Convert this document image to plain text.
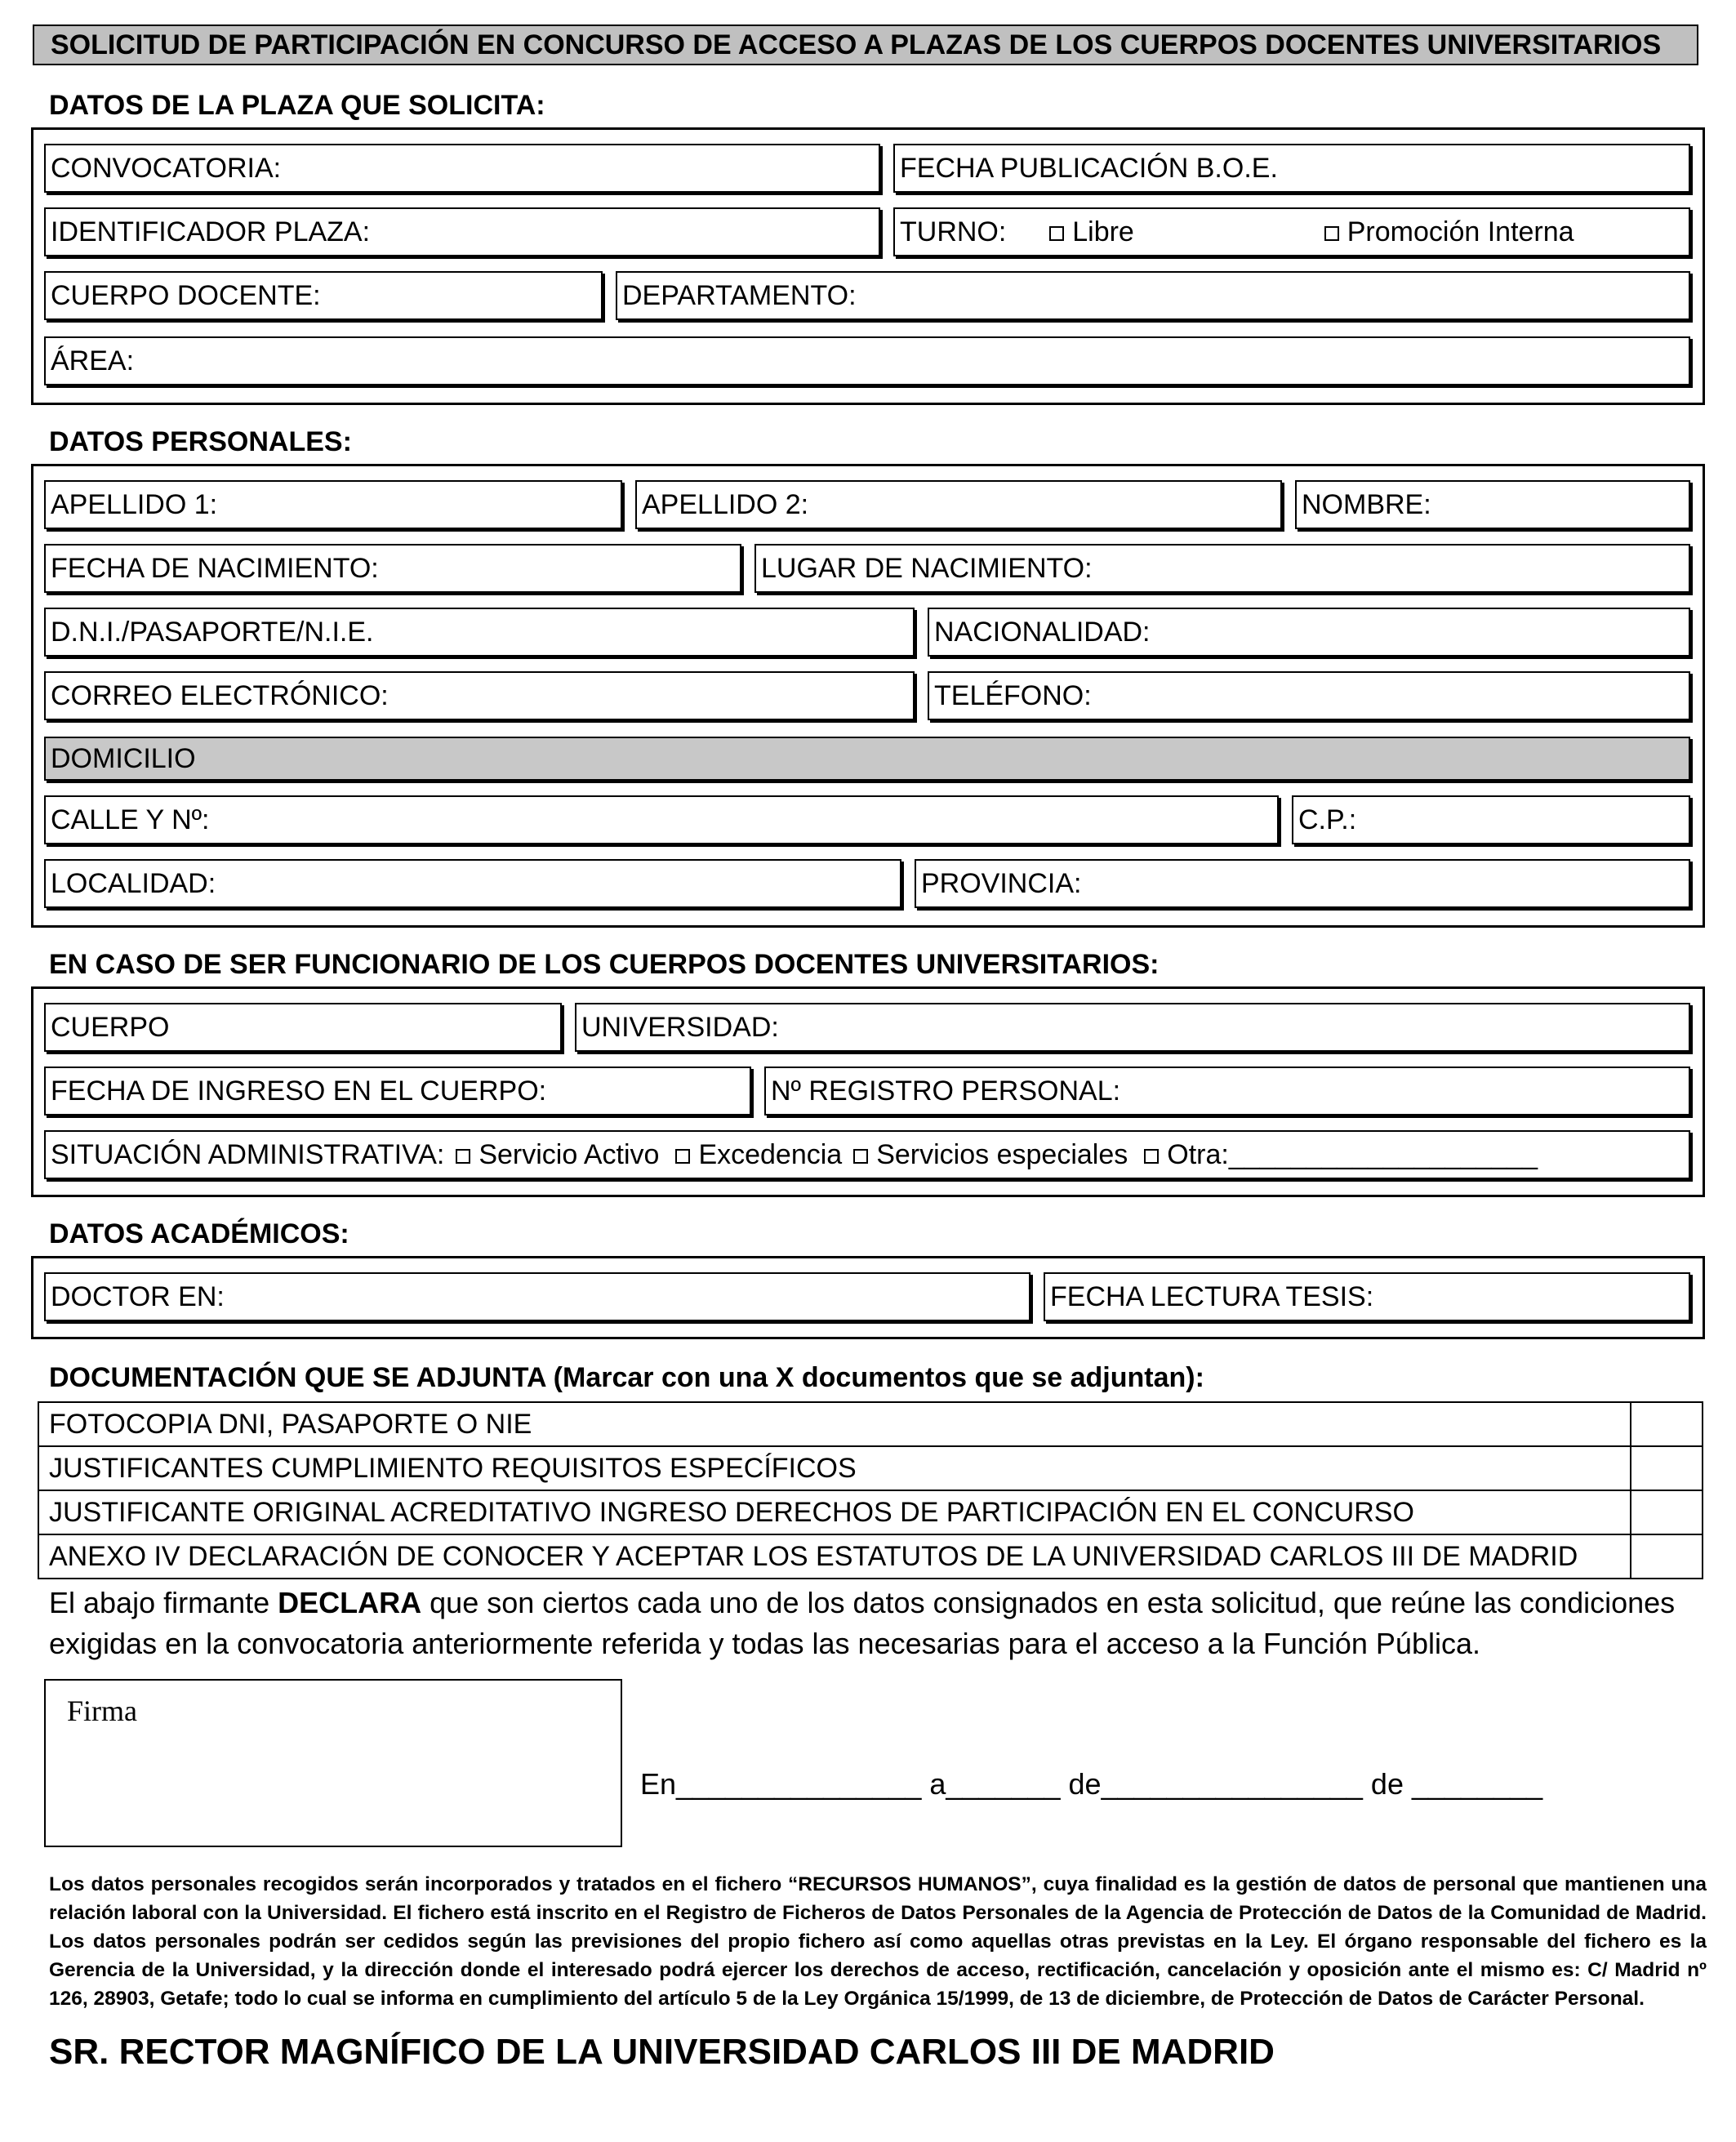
SOLICITUD DE PARTICIPACIÓN EN CONCURSO DE ACCESO A PLAZAS DE LOS CUERPOS DOCENTES UNIVERSITARIOS
DATOS DE LA PLAZA QUE SOLICITA:
CONVOCATORIA:	FECHA PUBLICACIÓN B.O.E.
IDENTIFICADOR PLAZA:	TURNO: Libre	Promoción Interna
CUERPO DOCENTE:	DEPARTAMENTO:
ÁREA:
DATOS PERSONALES:
APELLIDO 1:	APELLIDO 2:	NOMBRE:
FECHA DE NACIMIENTO:	LUGAR DE NACIMIENTO:
D.N.I./PASAPORTE/N.I.E.	NACIONALIDAD:
CORREO ELECTRÓNICO:	TELÉFONO:
DOMICILIO
CALLE Y Nº:	C.P.:
LOCALIDAD:	PROVINCIA:
EN CASO DE SER FUNCIONARIO DE LOS CUERPOS DOCENTES UNIVERSITARIOS:
CUERPO	UNIVERSIDAD:
FECHA DE INGRESO EN EL CUERPO:	Nº REGISTRO PERSONAL:
SITUACIÓN ADMINISTRATIVA: Servicio Activo Excedencia Servicios especiales Otra:____________________
DATOS ACADÉMICOS:
DOCTOR EN:	FECHA LECTURA TESIS:
DOCUMENTACIÓN QUE SE ADJUNTA (Marcar con una X documentos que se adjuntan):
FOTOCOPIA DNI, PASAPORTE O NIE	
JUSTIFICANTES CUMPLIMIENTO REQUISITOS ESPECÍFICOS	
JUSTIFICANTE ORIGINAL ACREDITATIVO INGRESO DERECHOS DE PARTICIPACIÓN EN EL CONCURSO	
ANEXO IV DECLARACIÓN DE CONOCER Y ACEPTAR LOS ESTATUTOS DE LA UNIVERSIDAD CARLOS III DE MADRID	
El abajo firmante DECLARA que son ciertos cada uno de los datos consignados en esta solicitud, que reúne las condiciones exigidas en la convocatoria anteriormente referida y todas las necesarias para el acceso a la Función Pública.
Firma
En_______________ a_______ de________________ de ________
Los datos personales recogidos serán incorporados y tratados en el fichero “RECURSOS HUMANOS”, cuya finalidad es la gestión de datos de personal que mantienen una relación laboral con la Universidad. El fichero está inscrito en el Registro de Ficheros de Datos Personales de la Agencia de Protección de Datos de la Comunidad de Madrid. Los datos personales podrán ser cedidos según las previsiones del propio fichero así como aquellas otras previstas en la Ley. El órgano responsable del fichero es la Gerencia de la Universidad, y la dirección donde el interesado podrá ejercer los derechos de acceso, rectificación, cancelación y oposición ante el mismo es: C/ Madrid nº 126, 28903, Getafe; todo lo cual se informa en cumplimiento del artículo 5 de la Ley Orgánica 15/1999, de 13 de diciembre, de Protección de Datos de Carácter Personal.
SR. RECTOR MAGNÍFICO DE LA UNIVERSIDAD CARLOS III DE MADRID
